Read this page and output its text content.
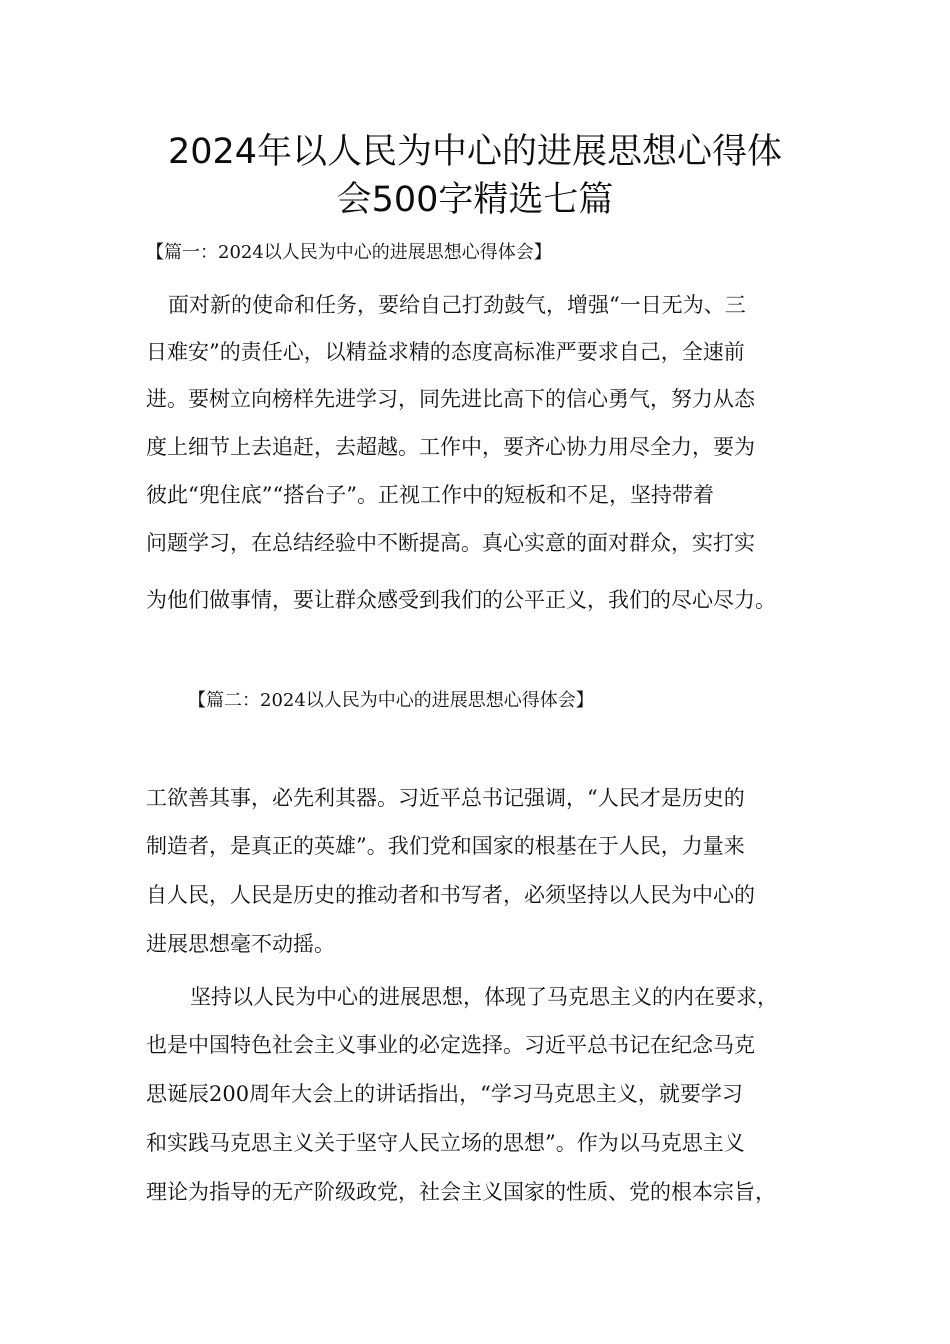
2024年以人民为中心的进展思想心得体
会500字精选七篇
【篇一：2024以人民为中心的进展思想心得体会】
面对新的使命和任务，要给自己打劲鼓气，增强“一日无为、三
日难安”的责任心，以精益求精的态度高标准严要求自己，全速前
进。要树立向榜样先进学习，同先进比高下的信心勇气，努力从态
度上细节上去追赶，去超越。工作中，要齐心协力用尽全力，要为
彼此“兜住底”“搭台子”。正视工作中的短板和不足，坚持带着
问题学习，在总结经验中不断提高。真心实意的面对群众，实打实
为他们做事情，要让群众感受到我们的公平正义，我们的尽心尽力。
【篇二：2024以人民为中心的进展思想心得体会】
工欲善其事，必先利其器。习近平总书记强调，“人民才是历史的
制造者，是真正的英雄”。我们党和国家的根基在于人民，力量来
自人民，人民是历史的推动者和书写者，必须坚持以人民为中心的
进展思想毫不动摇。
坚持以人民为中心的进展思想，体现了马克思主义的内在要求，
也是中国特色社会主义事业的必定选择。习近平总书记在纪念马克
思诞辰200周年大会上的讲话指出，“学习马克思主义，就要学习
和实践马克思主义关于坚守人民立场的思想”。作为以马克思主义
理论为指导的无产阶级政党，社会主义国家的性质、党的根本宗旨，
